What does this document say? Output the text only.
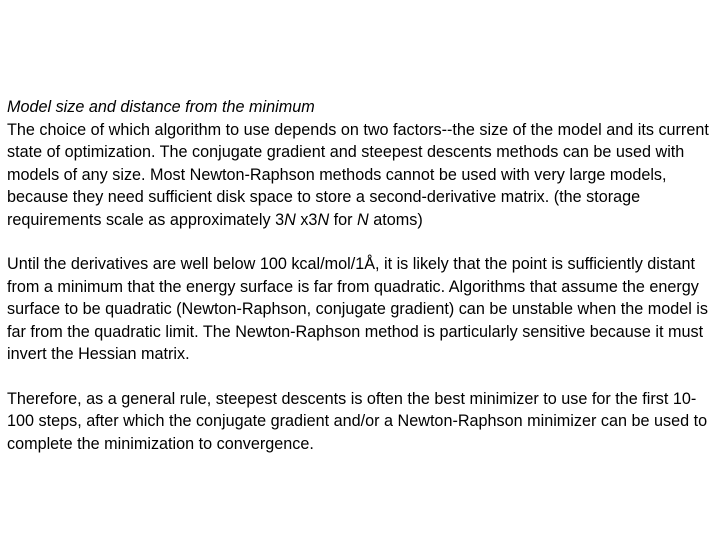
Model size and distance from the minimum
The choice of which algorithm to use depends on two factors--the size of the model and its current state of optimization. The conjugate gradient and steepest descents methods can be used with models of any size. Most Newton-Raphson methods cannot be used with very large models, because they need sufficient disk space to store a second-derivative matrix. (the storage requirements scale as approximately 3N x3N for N atoms)

Until the derivatives are well below 100 kcal/mol/1Å, it is likely that the point is sufficiently distant from a minimum that the energy surface is far from quadratic. Algorithms that assume the energy surface to be quadratic (Newton-Raphson, conjugate gradient) can be unstable when the model is far from the quadratic limit. The Newton-Raphson method is particularly sensitive because it must invert the Hessian matrix.

Therefore, as a general rule, steepest descents is often the best minimizer to use for the first 10-100 steps, after which the conjugate gradient and/or a Newton-Raphson minimizer can be used to complete the minimization to convergence.
